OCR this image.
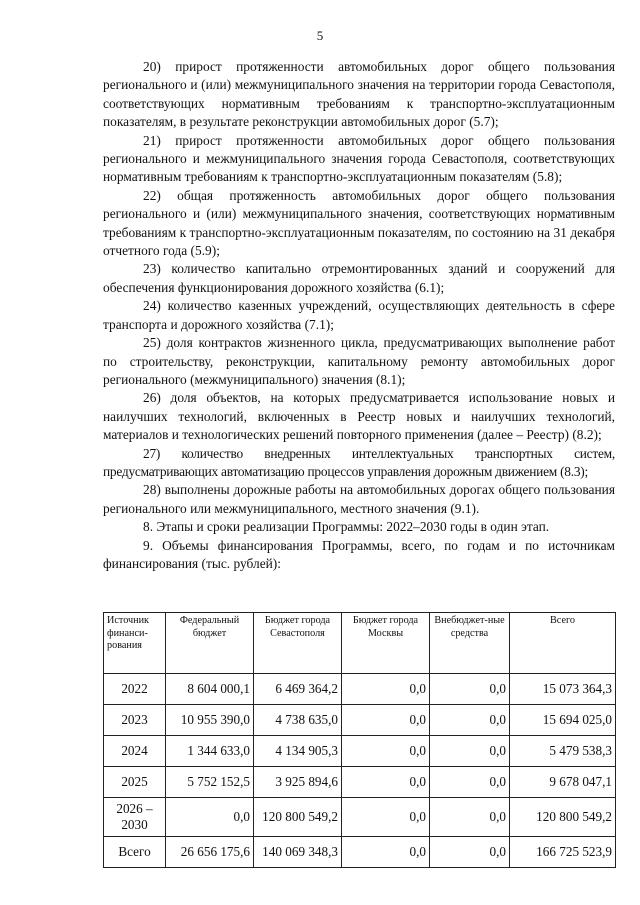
5

20) прирост протяженности автомобильных дорог общего пользования регионального и (или) межмуниципального значения на территории города Севастополя, соответствующих нормативным требованиям к транспортно-эксплуатационным показателям, в результате реконструкции автомобильных дорог (5.7);

21) прирост протяженности автомобильных дорог общего пользования регионального и межмуниципального значения города Севастополя, соответствующих нормативным требованиям к транспортно-эксплуатационным показателям (5.8);

22) общая протяженность автомобильных дорог общего пользования регионального и (или) межмуниципального значения, соответствующих нормативным требованиям к транспортно-эксплуатационным показателям, по состоянию на 31 декабря отчетного года (5.9);

23) количество капитально отремонтированных зданий и сооружений для обеспечения функционирования дорожного хозяйства (6.1);

24) количество казенных учреждений, осуществляющих деятельность в сфере транспорта и дорожного хозяйства (7.1);

25) доля контрактов жизненного цикла, предусматривающих выполнение работ по строительству, реконструкции, капитальному ремонту автомобильных дорог регионального (межмуниципального) значения (8.1);

26) доля объектов, на которых предусматривается использование новых и наилучших технологий, включенных в Реестр новых и наилучших технологий, материалов и технологических решений повторного применения (далее – Реестр) (8.2);

27) количество внедренных интеллектуальных транспортных систем, предусматривающих автоматизацию процессов управления дорожным движением (8.3);

28) выполнены дорожные работы на автомобильных дорогах общего пользования регионального или межмуниципального, местного значения (9.1).

8. Этапы и сроки реализации Программы: 2022–2030 годы в один этап.

9. Объемы финансирования Программы, всего, по годам и по источникам финансирования (тыс. рублей):

Источник финанси-рования	Федеральный бюджет	Бюджет города Севастополя	Бюджет города Москвы	Внебюджет-ные средства	Всего
2022	8 604 000,1	6 469 364,2	0,0	0,0	15 073 364,3
2023	10 955 390,0	4 738 635,0	0,0	0,0	15 694 025,0
2024	1 344 633,0	4 134 905,3	0,0	0,0	5 479 538,3
2025	5 752 152,5	3 925 894,6	0,0	0,0	9 678 047,1
2026 – 2030	0,0	120 800 549,2	0,0	0,0	120 800 549,2
Всего	26 656 175,6	140 069 348,3	0,0	0,0	166 725 523,9
